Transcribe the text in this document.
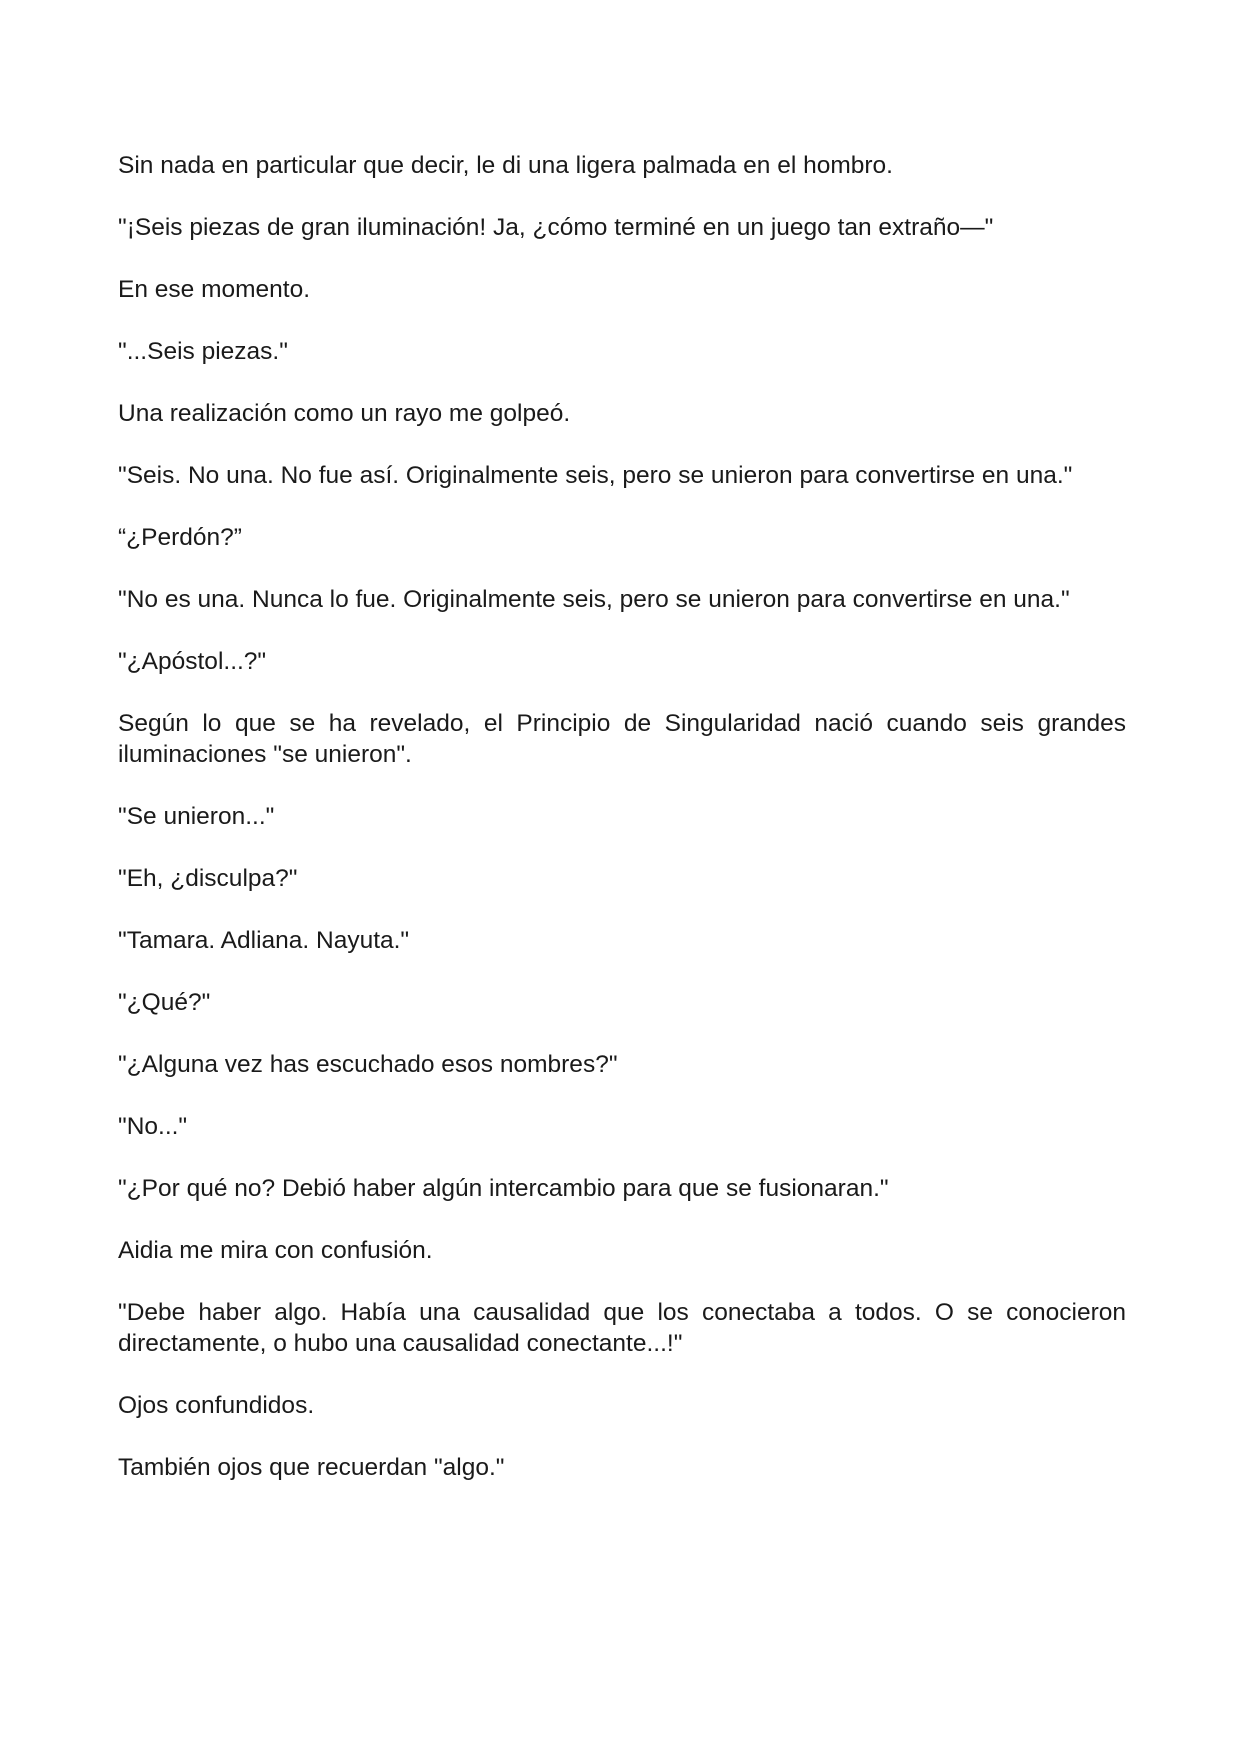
Sin nada en particular que decir, le di una ligera palmada en el hombro.

"¡Seis piezas de gran iluminación! Ja, ¿cómo terminé en un juego tan extraño—"

En ese momento.

"...Seis piezas."

Una realización como un rayo me golpeó.

"Seis. No una. No fue así. Originalmente seis, pero se unieron para convertirse en una."

“¿Perdón?”

"No es una. Nunca lo fue. Originalmente seis, pero se unieron para convertirse en una."

"¿Apóstol...?"

Según lo que se ha revelado, el Principio de Singularidad nació cuando seis grandes iluminaciones "se unieron".

"Se unieron..."

"Eh, ¿disculpa?"

"Tamara. Adliana. Nayuta."

"¿Qué?"

"¿Alguna vez has escuchado esos nombres?"

"No..."

"¿Por qué no? Debió haber algún intercambio para que se fusionaran."

Aidia me mira con confusión.

"Debe haber algo. Había una causalidad que los conectaba a todos. O se conocieron directamente, o hubo una causalidad conectante...!"

Ojos confundidos.

También ojos que recuerdan "algo."
